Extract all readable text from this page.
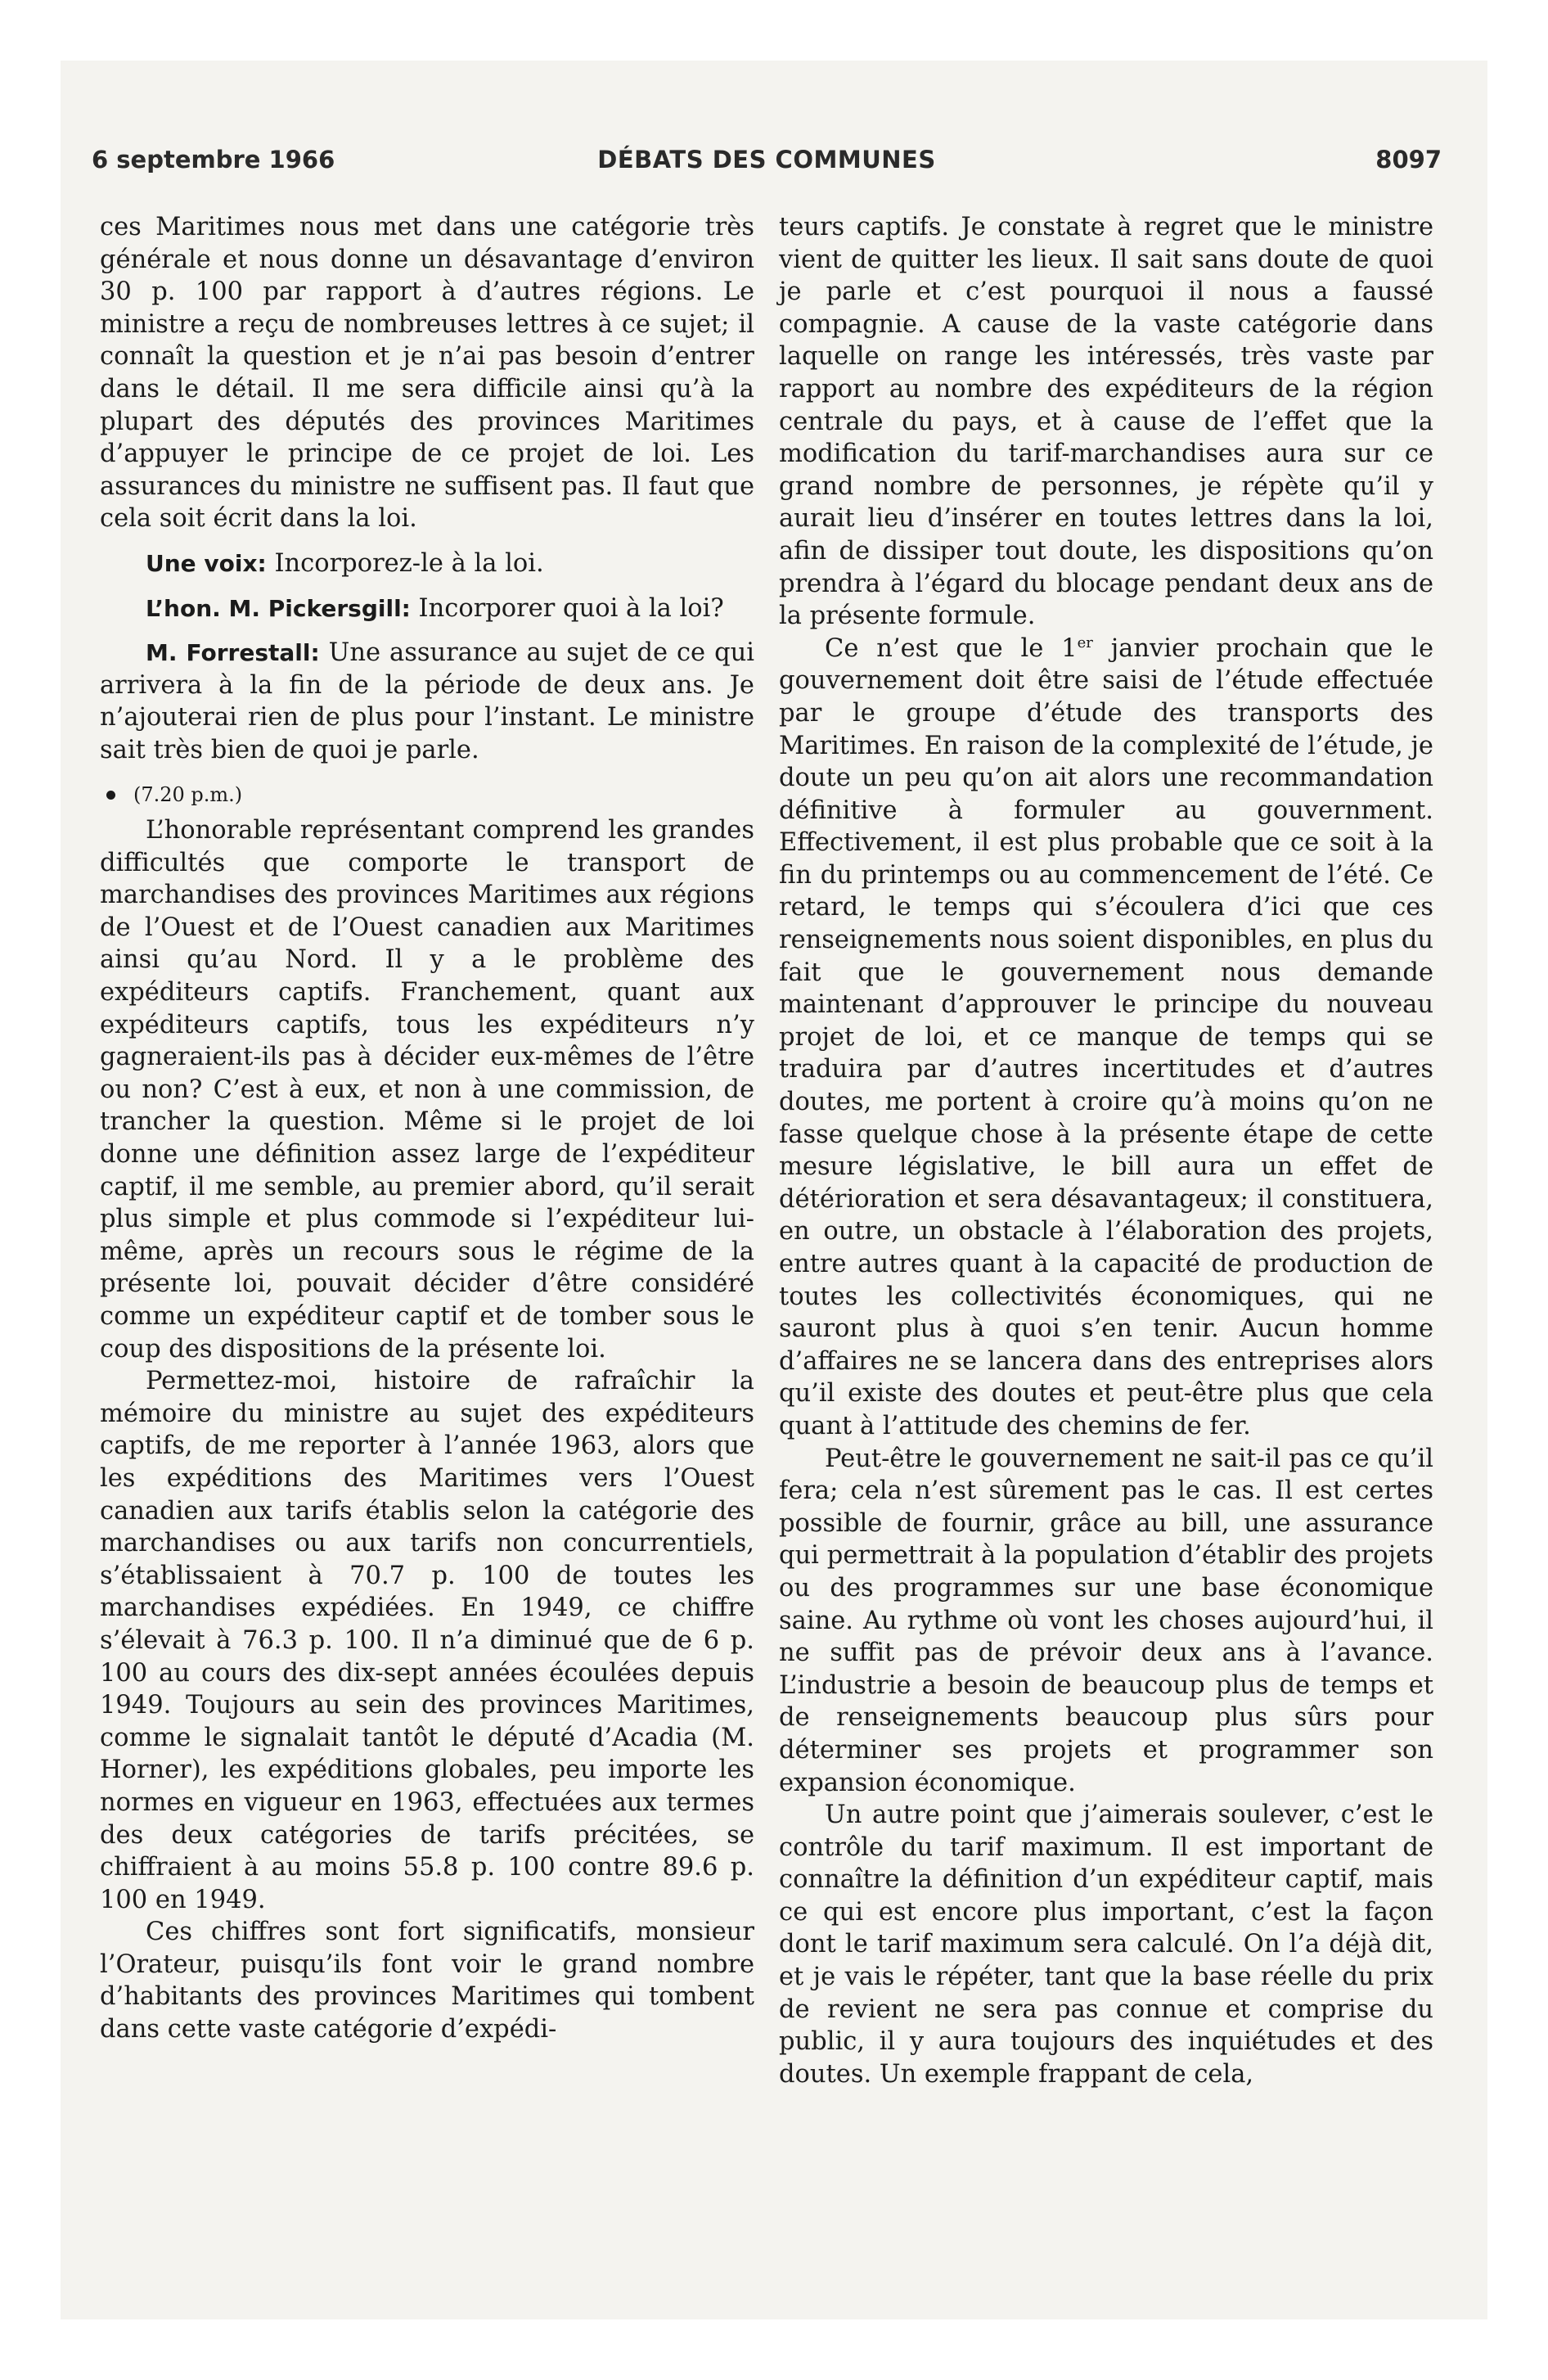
6 septembre 1966	DÉBATS DES COMMUNES	8097

ces Maritimes nous met dans une catégorie très générale et nous donne un désavantage d’environ 30 p. 100 par rapport à d’autres régions. Le ministre a reçu de nombreuses lettres à ce sujet; il connaît la question et je n’ai pas besoin d’entrer dans le détail. Il me sera difficile ainsi qu’à la plupart des députés des provinces Maritimes d’appuyer le principe de ce projet de loi. Les assurances du ministre ne suffisent pas. Il faut que cela soit écrit dans la loi.

Une voix: Incorporez-le à la loi.

L’hon. M. Pickersgill: Incorporer quoi à la loi?

M. Forrestall: Une assurance au sujet de ce qui arrivera à la fin de la période de deux ans. Je n’ajouterai rien de plus pour l’instant. Le ministre sait très bien de quoi je parle.

(7.20 p.m.)

L’honorable représentant comprend les grandes difficultés que comporte le transport de marchandises des provinces Maritimes aux régions de l’Ouest et de l’Ouest canadien aux Maritimes ainsi qu’au Nord. Il y a le problème des expéditeurs captifs. Franchement, quant aux expéditeurs captifs, tous les expéditeurs n’y gagneraient-ils pas à décider eux-mêmes de l’être ou non? C’est à eux, et non à une commission, de trancher la question. Même si le projet de loi donne une définition assez large de l’expéditeur captif, il me semble, au premier abord, qu’il serait plus simple et plus commode si l’expéditeur lui-même, après un recours sous le régime de la présente loi, pouvait décider d’être considéré comme un expéditeur captif et de tomber sous le coup des dispositions de la présente loi.

Permettez-moi, histoire de rafraîchir la mémoire du ministre au sujet des expéditeurs captifs, de me reporter à l’année 1963, alors que les expéditions des Maritimes vers l’Ouest canadien aux tarifs établis selon la catégorie des marchandises ou aux tarifs non concurrentiels, s’établissaient à 70.7 p. 100 de toutes les marchandises expédiées. En 1949, ce chiffre s’élevait à 76.3 p. 100. Il n’a diminué que de 6 p. 100 au cours des dix-sept années écoulées depuis 1949. Toujours au sein des provinces Maritimes, comme le signalait tantôt le député d’Acadia (M. Horner), les expéditions globales, peu importe les normes en vigueur en 1963, effectuées aux termes des deux catégories de tarifs précitées, se chiffraient à au moins 55.8 p. 100 contre 89.6 p. 100 en 1949.

Ces chiffres sont fort significatifs, monsieur l’Orateur, puisqu’ils font voir le grand nombre d’habitants des provinces Maritimes qui tombent dans cette vaste catégorie d’expédi-

teurs captifs. Je constate à regret que le ministre vient de quitter les lieux. Il sait sans doute de quoi je parle et c’est pourquoi il nous a faussé compagnie. A cause de la vaste catégorie dans laquelle on range les intéressés, très vaste par rapport au nombre des expéditeurs de la région centrale du pays, et à cause de l’effet que la modification du tarif-marchandises aura sur ce grand nombre de personnes, je répète qu’il y aurait lieu d’insérer en toutes lettres dans la loi, afin de dissiper tout doute, les dispositions qu’on prendra à l’égard du blocage pendant deux ans de la présente formule.

Ce n’est que le 1er janvier prochain que le gouvernement doit être saisi de l’étude effectuée par le groupe d’étude des transports des Maritimes. En raison de la complexité de l’étude, je doute un peu qu’on ait alors une recommandation définitive à formuler au gouvernment. Effectivement, il est plus probable que ce soit à la fin du printemps ou au commencement de l’été. Ce retard, le temps qui s’écoulera d’ici que ces renseignements nous soient disponibles, en plus du fait que le gouvernement nous demande maintenant d’approuver le principe du nouveau projet de loi, et ce manque de temps qui se traduira par d’autres incertitudes et d’autres doutes, me portent à croire qu’à moins qu’on ne fasse quelque chose à la présente étape de cette mesure législative, le bill aura un effet de détérioration et sera désavantageux; il constituera, en outre, un obstacle à l’élaboration des projets, entre autres quant à la capacité de production de toutes les collectivités économiques, qui ne sauront plus à quoi s’en tenir. Aucun homme d’affaires ne se lancera dans des entreprises alors qu’il existe des doutes et peut-être plus que cela quant à l’attitude des chemins de fer.

Peut-être le gouvernement ne sait-il pas ce qu’il fera; cela n’est sûrement pas le cas. Il est certes possible de fournir, grâce au bill, une assurance qui permettrait à la population d’établir des projets ou des programmes sur une base économique saine. Au rythme où vont les choses aujourd’hui, il ne suffit pas de prévoir deux ans à l’avance. L’industrie a besoin de beaucoup plus de temps et de renseignements beaucoup plus sûrs pour déterminer ses projets et programmer son expansion économique.

Un autre point que j’aimerais soulever, c’est le contrôle du tarif maximum. Il est important de connaître la définition d’un expéditeur captif, mais ce qui est encore plus important, c’est la façon dont le tarif maximum sera calculé. On l’a déjà dit, et je vais le répéter, tant que la base réelle du prix de revient ne sera pas connue et comprise du public, il y aura toujours des inquiétudes et des doutes. Un exemple frappant de cela,
